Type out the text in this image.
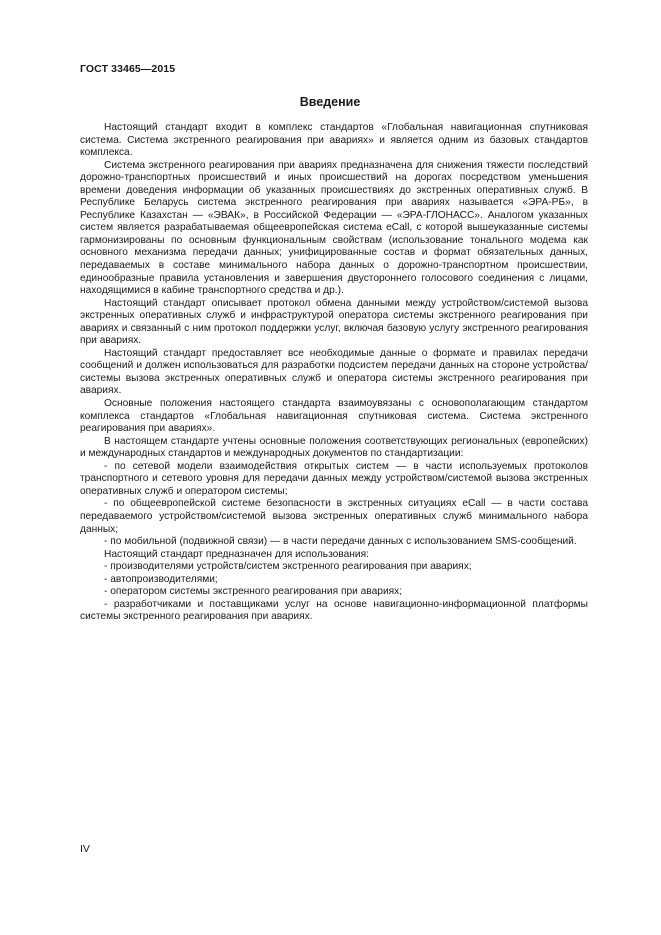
ГОСТ 33465—2015
Введение

Настоящий стандарт входит в комплекс стандартов «Глобальная навигационная спутниковая система. Система экстренного реагирования при авариях» и является одним из базовых стандартов комплекса.

Система экстренного реагирования при авариях предназначена для снижения тяжести последствий дорожно-транспортных происшествий и иных происшествий на дорогах посредством уменьшения времени доведения информации об указанных происшествиях до экстренных оперативных служб. В Республике Беларусь система экстренного реагирования при авариях называется «ЭРА-РБ», в Республике Казахстан — «ЭВАК», в Российской Федерации — «ЭРА-ГЛОНАСС». Аналогом указанных систем является разрабатываемая общеевропейская система eCall, с которой вышеуказанные системы гармонизированы по основным функциональным свойствам (использование тонального модема как основного механизма передачи данных; унифицированные состав и формат обязательных данных, передаваемых в составе минимального набора данных о дорожно-транспортном происшествии, единообразные правила установления и завершения двустороннего голосового соединения с лицами, находящимися в кабине транспортного средства и др.).

Настоящий стандарт описывает протокол обмена данными между устройством/системой вызова экстренных оперативных служб и инфраструктурой оператора системы экстренного реагирования при авариях и связанный с ним протокол поддержки услуг, включая базовую услугу экстренного реагирования при авариях.

Настоящий стандарт предоставляет все необходимые данные о формате и правилах передачи сообщений и должен использоваться для разработки подсистем передачи данных на стороне устройства/системы вызова экстренных оперативных служб и оператора системы экстренного реагирования при авариях.

Основные положения настоящего стандарта взаимоувязаны с основополагающим стандартом комплекса стандартов «Глобальная навигационная спутниковая система. Система экстренного реагирования при авариях».

В настоящем стандарте учтены основные положения соответствующих региональных (европейских) и международных стандартов и международных документов по стандартизации:

- по сетевой модели взаимодействия открытых систем — в части используемых протоколов транспортного и сетевого уровня для передачи данных между устройством/системой вызова экстренных оперативных служб и оператором системы;

- по общеевропейской системе безопасности в экстренных ситуациях eCall — в части состава передаваемого устройством/системой вызова экстренных оперативных служб минимального набора данных;

- по мобильной (подвижной связи) — в части передачи данных с использованием SMS-сообщений.

Настоящий стандарт предназначен для использования:

- производителями устройств/систем экстренного реагирования при авариях;

- автопроизводителями;

- оператором системы экстренного реагирования при авариях;

- разработчиками и поставщиками услуг на основе навигационно-информационной платформы системы экстренного реагирования при авариях.

IV
